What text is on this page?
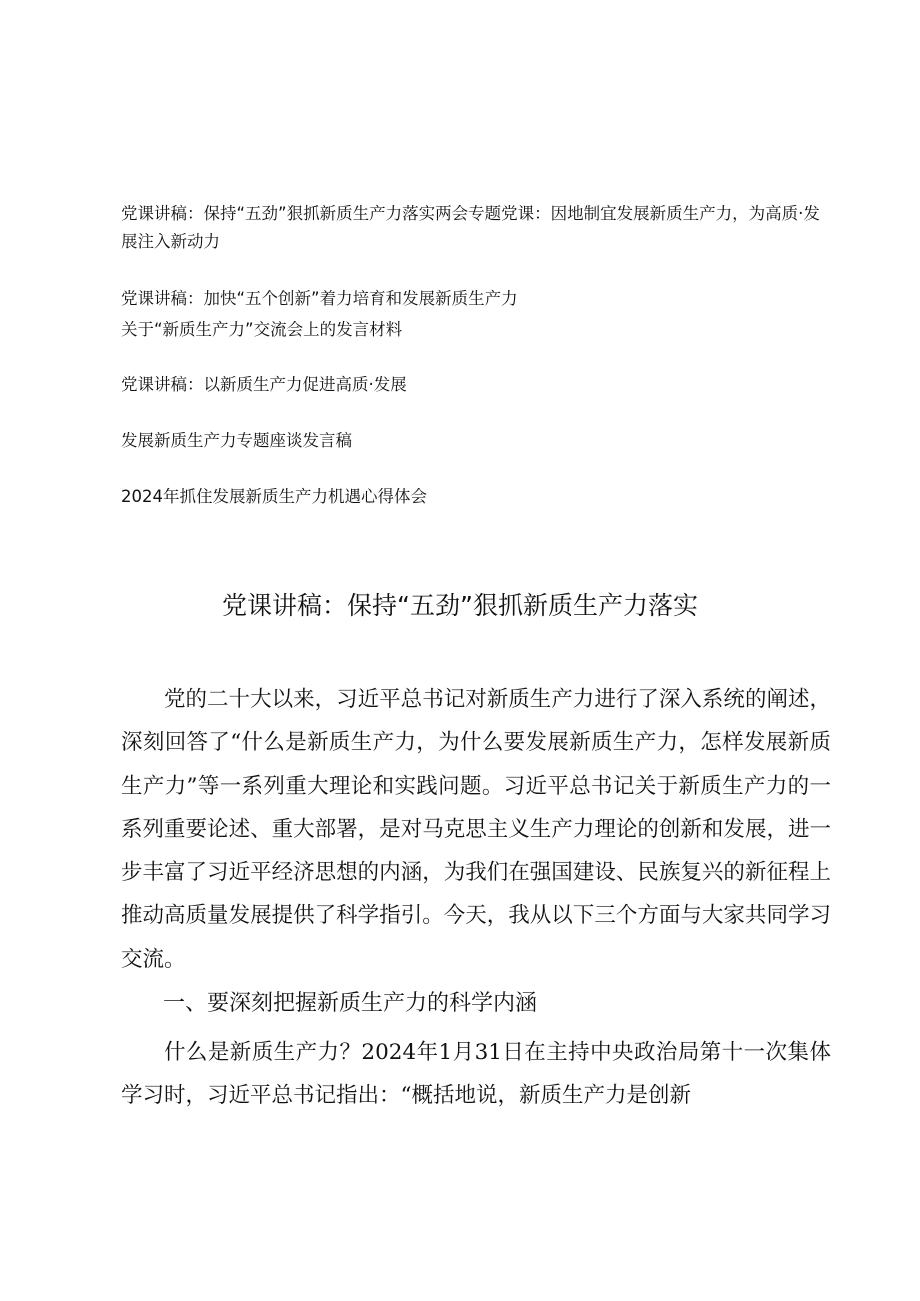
党课讲稿：保持“五劲”狠抓新质生产力落实两会专题党课：因地制宜发展新质生产力，为高质·发展注入新动力

党课讲稿：加快“五个创新”着力培育和发展新质生产力

关于“新质生产力”交流会上的发言材料

党课讲稿：以新质生产力促进高质·发展

发展新质生产力专题座谈发言稿

2024年抓住发展新质生产力机遇心得体会

党课讲稿：保持“五劲”狠抓新质生产力落实

党的二十大以来，习近平总书记对新质生产力进行了深入系统的阐述，深刻回答了“什么是新质生产力，为什么要发展新质生产力，怎样发展新质生产力”等一系列重大理论和实践问题。习近平总书记关于新质生产力的一系列重要论述、重大部署，是对马克思主义生产力理论的创新和发展，进一步丰富了习近平经济思想的内涵，为我们在强国建设、民族复兴的新征程上推动高质量发展提供了科学指引。今天，我从以下三个方面与大家共同学习交流。

一、要深刻把握新质生产力的科学内涵

什么是新质生产力？2024年1月31日在主持中央政治局第十一次集体学习时，习近平总书记指出：“概括地说，新质生产力是创新
